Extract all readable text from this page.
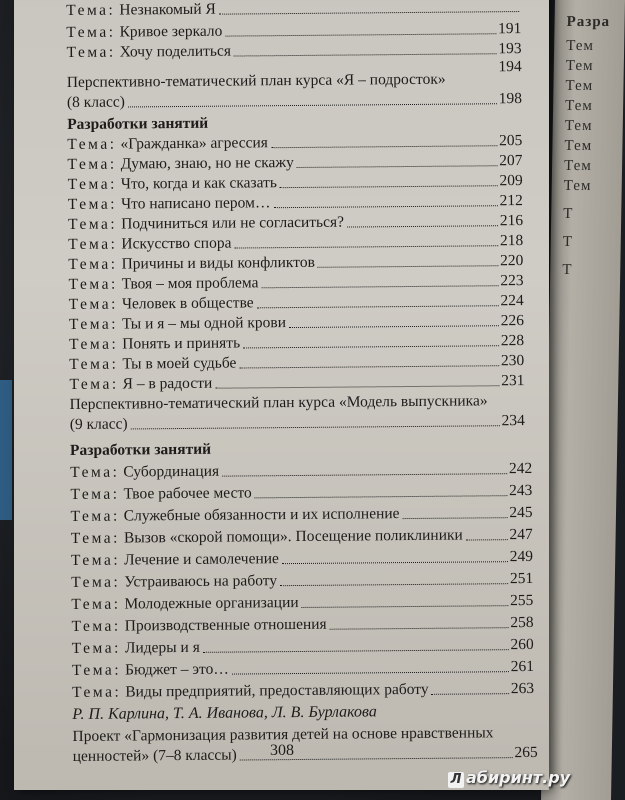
Разра
Тем
Тем
Тем
Тем
Тем
Тем
Тем
Тем
Т
Т
Т
Тема: Незнакомый Я
Тема: Кривое зеркало	191
Тема: Хочу поделиться	193
194
Перспективно-тематический план курса «Я – подросток»
(8 класс)	198
Разработки занятий
Тема: «Гражданка» агрессия	205
Тема: Думаю, знаю, но не скажу	207
Тема: Что, когда и как сказать	209
Тема: Что написано пером…	212
Тема: Подчиниться или не согласиться?	216
Тема: Искусство спора	218
Тема: Причины и виды конфликтов	220
Тема: Твоя – моя проблема	223
Тема: Человек в обществе	224
Тема: Ты и я – мы одной крови	226
Тема: Понять и принять	228
Тема: Ты в моей судьбе	230
Тема: Я – в радости	231
Перспективно-тематический план курса «Модель выпускника»
(9 класс)	234
Разработки занятий
Тема: Субординация	242
Тема: Твое рабочее место	243
Тема: Служебные обязанности и их исполнение	245
Тема: Вызов «скорой помощи». Посещение поликлиники	247
Тема: Лечение и самолечение	249
Тема: Устраиваюсь на работу	251
Тема: Молодежные организации	255
Тема: Производственные отношения	258
Тема: Лидеры и я	260
Тема: Бюджет – это…	261
Тема: Виды предприятий, предоставляющих работу	263
Р. П. Карлина, Т. А. Иванова, Л. В. Бурлакова
Проект «Гармонизация развития детей на основе нравственных
ценностей» (7–8 классы)	265
308
Л абиринт.ру
